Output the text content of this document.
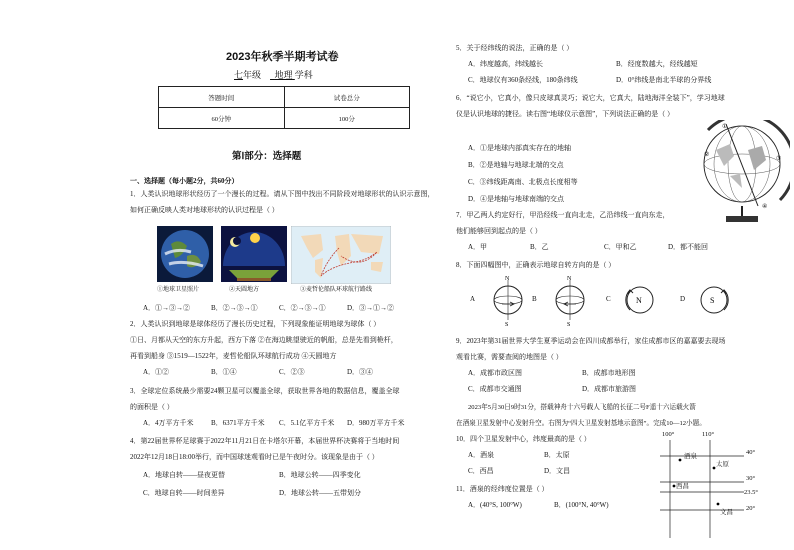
2023年秋季半期考试卷
七年级 地理 学科
答题时间	试卷总分
60分钟	100分
第Ⅰ部分：选择题
一、选择题（每小题2分，共60分）
1．人类认识地球形状经历了一个漫长的过程。请从下图中找出不同阶段对地球形状的认识示意图，
如何正确反映人类对地球形状的认识过程是（ ）
①地球卫星照片	②天圆地方	③麦哲伦船队环球航行路线
A．①→③→②	B．②→③→①	C．②→③→①	D．③→①→②
2．人类认识到地球是球体经历了漫长历史过程，下列现象能证明地球为球体（ ）
①日、月都从天空的东方升起，西方下落 ②在海边眺望驶近的帆船，总是先看到桅杆，
再看到船身 ③1519—1522年，麦哲伦船队环球航行成功 ④天圆地方
A．①②	B．①④	C．②③	D．③④
3．全球定位系统最少需要24颗卫星可以覆盖全球，获取世界各地的数据信息，覆盖全球
的面积是（ ）
A．4万平方千米 B．6371平方千米 C．5.1亿平方千米 D．980万平方千米
4．第22届世界杯足球赛于2022年11月21日在卡塔尔开幕，本届世界杯决赛将于当地时间
2022年12月18日18:00举行，而中国球迷观看时已是午夜时分。该现象是由于（ ）
A．地球自转——昼夜更替	B．地球公转——四季变化
C．地球自转——时间差异	D．地球公转——五带划分
5．关于经纬线的说法，正确的是（ ）
A．纬度越高，纬线越长	B．经度数越大，经线越短
C．地球仪有360条经线，180条纬线	D．0°纬线是南北半球的分界线
6．“说它小，它真小，像只皮球真灵巧；说它大，它真大，陆地海洋全装下”，学习地球
仪是认识地球的捷径。读右图“地球仪示意图”，下列说法正确的是（ ）
A．①是地球内部真实存在的地轴
B．②是地轴与地球北端的交点
C．③纬线距离南、北极点长度相等
D．④是地轴与地球南端的交点
①
②
③
④
7．甲乙两人约定好行，甲沿经线一直向北走，乙沿纬线一直向东走，
他们能够回到起点的是（ ）
A．甲	B．乙	C．甲和乙	D．都不能回
8．下面四幅图中，正确表示地球自转方向的是（ ）
N
S
N
S
N	S
A	B	C	D
9．2023年第31届世界大学生夏季运动会在四川成都举行，家住成都市区的嘉嘉要去现场
观看比赛，需要查阅的地图是（ ）
A．成都市政区图	B．成都市地形图
C．成都市交通图	D．成都市旅游图
2023年5月30日9时31分，搭载神舟十六号载人飞船的长征二号F遥十六运载火箭
在酒泉卫星发射中心发射升空。右图为“四大卫星发射基地示意图”。完成10—12小题。
10．四个卫星发射中心，纬度最高的是（ ）
A．酒泉	B．太原
C．西昌	D．文昌
11．酒泉的经纬度位置是（ ）
A．(40°S, 100°W)	B．(100°N, 40°W)
100°	110°
40°
30°
23.5°
20°
酒泉
太原
西昌
文昌
